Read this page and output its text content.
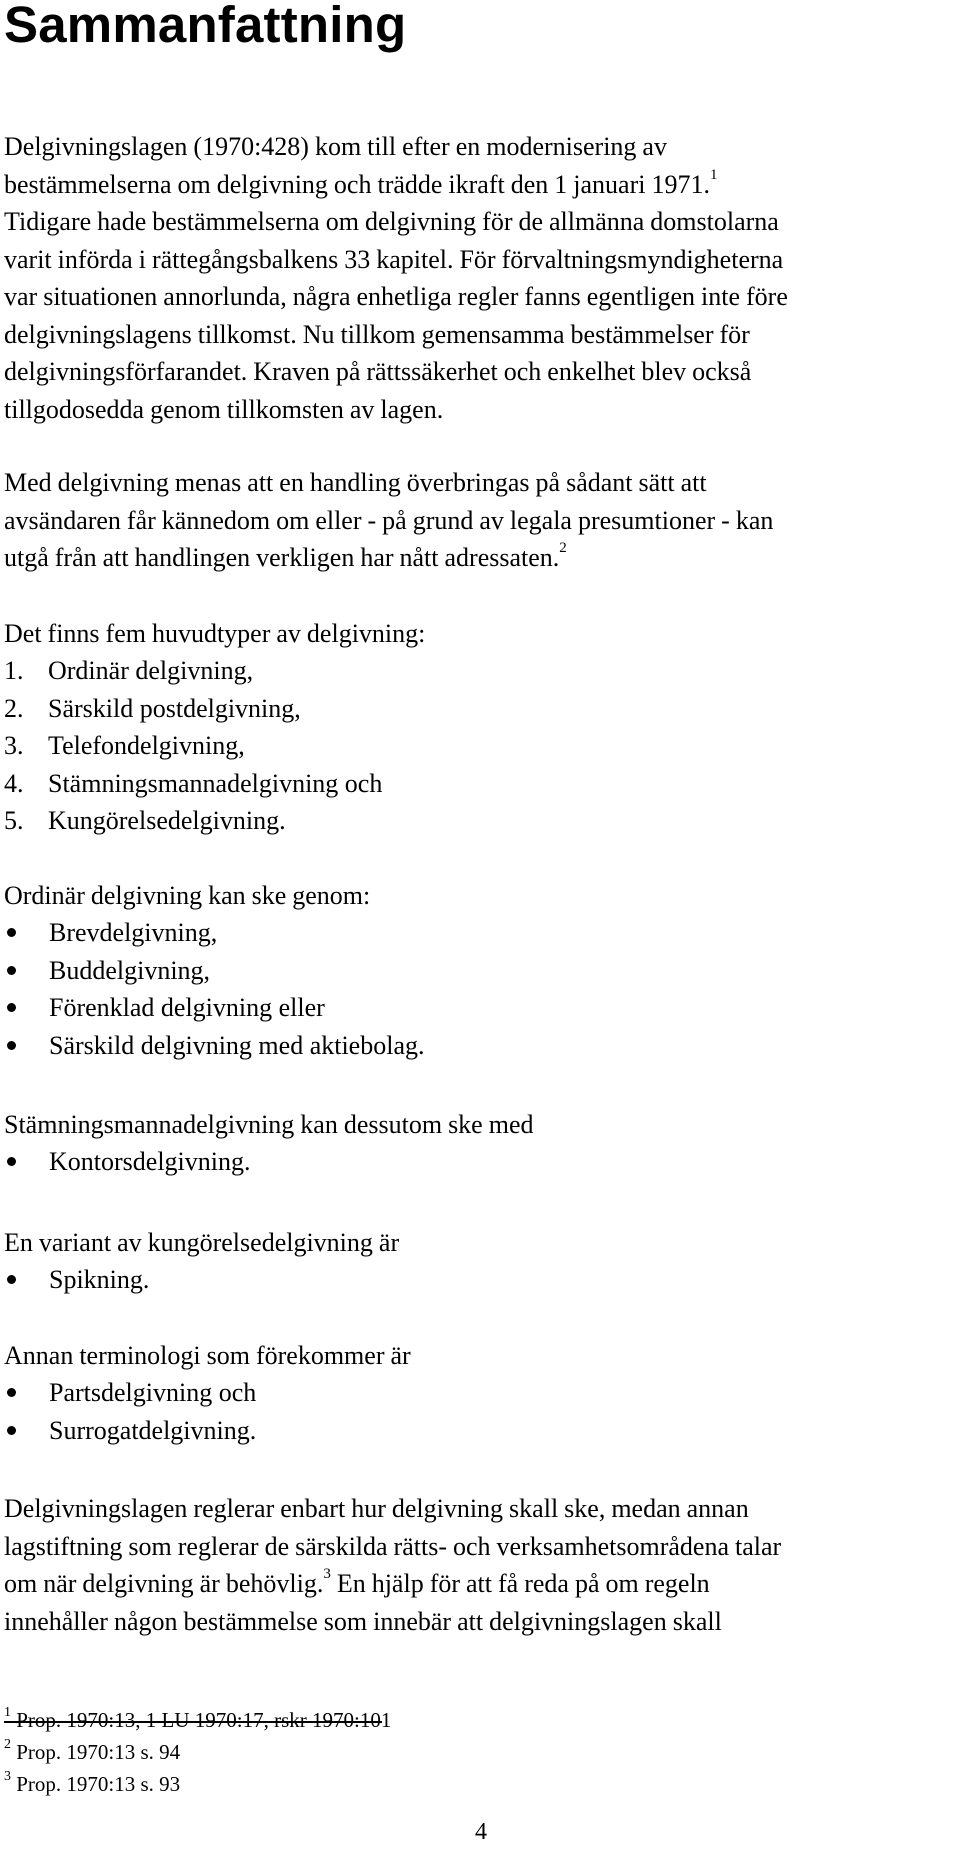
Sammanfattning

Delgivningslagen (1970:428) kom till efter en modernisering av
bestämmelserna om delgivning och trädde ikraft den 1 januari 1971.$^1$
Tidigare hade bestämmelserna om delgivning för de allmänna domstolarna
varit införda i rättegångsbalkens 33 kapitel. För förvaltningsmyndigheterna
var situationen annorlunda, några enhetliga regler fanns egentligen inte före
delgivningslagens tillkomst. Nu tillkom gemensamma bestämmelser för
delgivningsförfarandet. Kraven på rättssäkerhet och enkelhet blev också
tillgodosedda genom tillkomsten av lagen.

Med delgivning menas att en handling överbringas på sådant sätt att
avsändaren får kännedom om eller - på grund av legala presumtioner - kan
utgå från att handlingen verkligen har nått adressaten.$^2$

Det finns fem huvudtyper av delgivning:

1. Ordinär delgivning,
2. Särskild postdelgivning,
3. Telefondelgivning,
4. Stämningsmannadelgivning och
5. Kungörelsedelgivning.

Ordinär delgivning kan ske genom:

Brevdelgivning,
Buddelgivning,
Förenklad delgivning eller
Särskild delgivning med aktiebolag.

Stämningsmannadelgivning kan dessutom ske med

Kontorsdelgivning.

En variant av kungörelsedelgivning är

Spikning.

Annan terminologi som förekommer är

Partsdelgivning och
Surrogatdelgivning.

Delgivningslagen reglerar enbart hur delgivning skall ske, medan annan
lagstiftning som reglerar de särskilda rätts- och verksamhetsområdena talar
om när delgivning är behövlig.$^3$ En hjälp för att få reda på om regeln
innehåller någon bestämmelse som innebär att delgivningslagen skall

$^1$ Prop. 1970:13, 1 LU 1970:17, rskr 1970:101

$^2$ Prop. 1970:13 s. 94

$^3$ Prop. 1970:13 s. 93

4
